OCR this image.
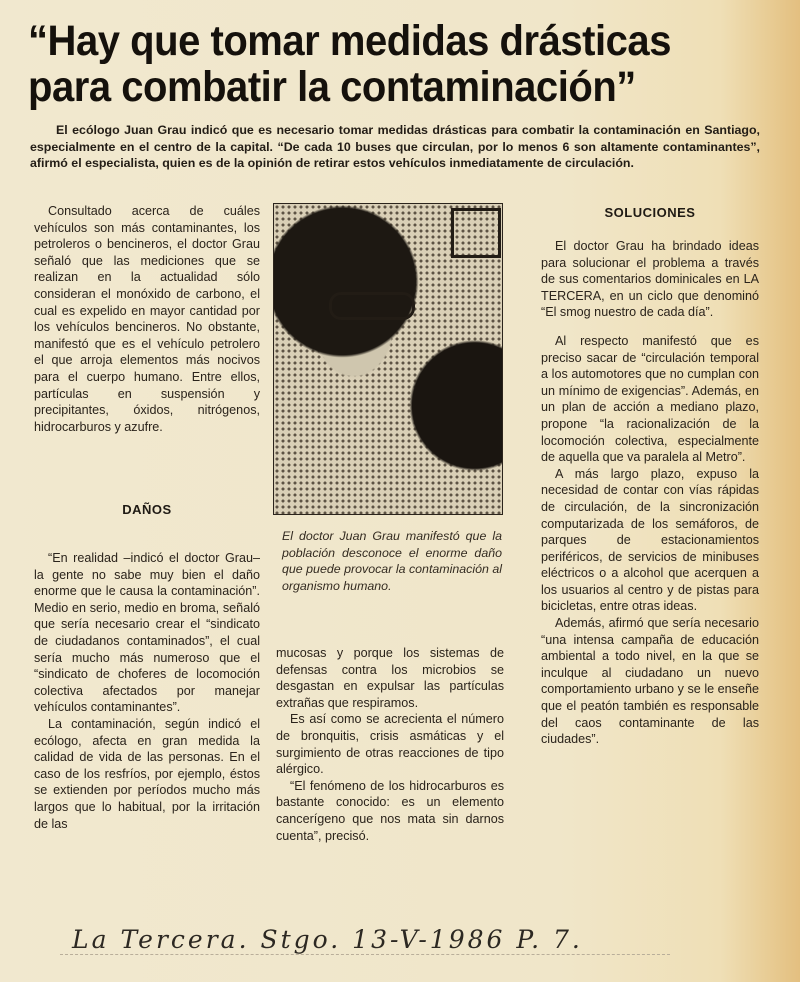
“Hay que tomar medidas drásticas
para combatir la contaminación”
El ecólogo Juan Grau indicó que es necesario tomar medidas drásticas para combatir la contaminación en Santiago, especialmente en el centro de la capital. “De cada 10 buses que circulan, por lo menos 6 son altamente contaminantes”, afirmó el especialista, quien es de la opinión de retirar estos vehículos inmediatamente de circulación.

Consultado acerca de cuáles vehículos son más contaminantes, los petroleros o bencineros, el doctor Grau señaló que las mediciones que se realizan en la actualidad sólo consideran el monóxido de carbono, el cual es expelido en mayor cantidad por los vehículos bencineros. No obstante, manifestó que es el vehículo petrolero el que arroja elementos más nocivos para el cuerpo humano. Entre ellos, partículas en suspensión y precipitantes, óxidos, nitrógenos, hidrocarburos y azufre.

DAÑOS

“En realidad –indicó el doctor Grau– la gente no sabe muy bien el daño enorme que le causa la contaminación”. Medio en serio, medio en broma, señaló que sería necesario crear el “sindicato de ciudadanos contaminados”, el cual sería mucho más numeroso que el “sindicato de choferes de locomoción colectiva afectados por manejar vehículos contaminantes”.

La contaminación, según indicó el ecólogo, afecta en gran medida la calidad de vida de las personas. En el caso de los resfríos, por ejemplo, éstos se extienden por períodos mucho más largos que lo habitual, por la irritación de las

El doctor Juan Grau manifestó que la población desconoce el enorme daño que puede provocar la contaminación al organismo humano.

mucosas y porque los sistemas de defensas contra los microbios se desgastan en expulsar las partículas extrañas que respiramos.

Es así como se acrecienta el número de bronquitis, crisis asmáticas y el surgimiento de otras reacciones de tipo alérgico.

“El fenómeno de los hidrocarburos es bastante conocido: es un elemento cancerígeno que nos mata sin darnos cuenta”, precisó.

SOLUCIONES

El doctor Grau ha brindado ideas para solucionar el problema a través de sus comentarios dominicales en LA TERCERA, en un ciclo que denominó “El smog nuestro de cada día”.

Al respecto manifestó que es preciso sacar de “circulación temporal a los automotores que no cumplan con un mínimo de exigencias”. Además, en un plan de acción a mediano plazo, propone “la racionalización de la locomoción colectiva, especialmente de aquella que va paralela al Metro”.

A más largo plazo, expuso la necesidad de contar con vías rápidas de circulación, de la sincronización computarizada de los semáforos, de parques de estacionamientos periféricos, de servicios de minibuses eléctricos o a alcohol que acerquen a los usuarios al centro y de pistas para bicicletas, entre otras ideas.

Además, afirmó que sería necesario “una intensa campaña de educación ambiental a todo nivel, en la que se inculque al ciudadano un nuevo comportamiento urbano y se le enseñe que el peatón también es responsable del caos contaminante de las ciudades”.

La Tercera. Stgo. 13-V-1986 P. 7.
